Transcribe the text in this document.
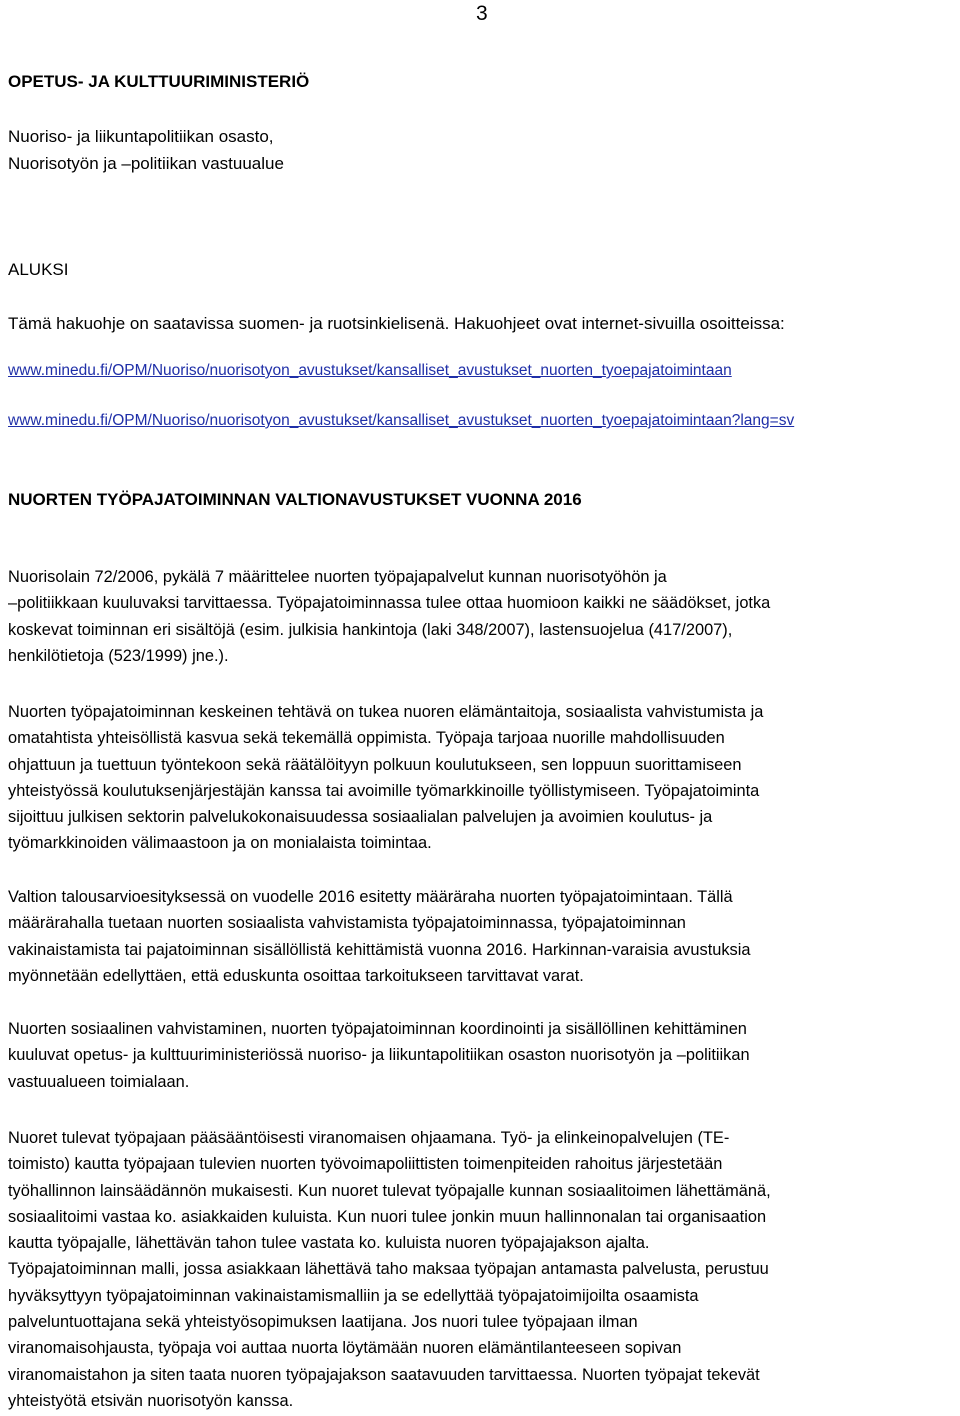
3
OPETUS- JA KULTTUURIMINISTERIÖ
Nuoriso- ja liikuntapolitiikan osasto,
Nuorisotyön ja –politiikan vastuualue
ALUKSI
Tämä hakuohje on saatavissa suomen- ja ruotsinkielisenä. Hakuohjeet ovat internet-sivuilla osoitteissa:
www.minedu.fi/OPM/Nuoriso/nuorisotyon_avustukset/kansalliset_avustukset_nuorten_tyoepajatoimintaan
www.minedu.fi/OPM/Nuoriso/nuorisotyon_avustukset/kansalliset_avustukset_nuorten_tyoepajatoimintaan?lang=sv
NUORTEN TYÖPAJATOIMINNAN VALTIONAVUSTUKSET VUONNA 2016
Nuorisolain 72/2006, pykälä 7 määrittelee nuorten työpajapalvelut kunnan nuorisotyöhön ja
–politiikkaan kuuluvaksi tarvittaessa. Työpajatoiminnassa tulee ottaa huomioon kaikki ne säädökset, jotka
koskevat toiminnan eri sisältöjä (esim. julkisia hankintoja (laki 348/2007), lastensuojelua (417/2007),
henkilötietoja (523/1999) jne.).
Nuorten työpajatoiminnan keskeinen tehtävä on tukea nuoren elämäntaitoja, sosiaalista vahvistumista ja
omatahtista yhteisöllistä kasvua sekä tekemällä oppimista. Työpaja tarjoaa nuorille mahdollisuuden
ohjattuun ja tuettuun työntekoon sekä räätälöityyn polkuun koulutukseen, sen loppuun suorittamiseen
yhteistyössä koulutuksenjärjestäjän kanssa tai avoimille työmarkkinoille työllistymiseen. Työpajatoiminta
sijoittuu julkisen sektorin palvelukokonaisuudessa sosiaalialan palvelujen ja avoimien koulutus- ja
työmarkkinoiden välimaastoon ja on monialaista toimintaa.
Valtion talousarvioesityksessä on vuodelle 2016 esitetty määräraha nuorten työpajatoimintaan. Tällä
määrärahalla tuetaan nuorten sosiaalista vahvistamista työpajatoiminnassa, työpajatoiminnan
vakinaistamista tai pajatoiminnan sisällöllistä kehittämistä vuonna 2016. Harkinnan-varaisia avustuksia
myönnetään edellyttäen, että eduskunta osoittaa tarkoitukseen tarvittavat varat.
Nuorten sosiaalinen vahvistaminen, nuorten työpajatoiminnan koordinointi ja sisällöllinen kehittäminen
kuuluvat opetus- ja kulttuuriministeriössä nuoriso- ja liikuntapolitiikan osaston nuorisotyön ja –politiikan
vastuualueen toimialaan.
Nuoret tulevat työpajaan pääsääntöisesti viranomaisen ohjaamana. Työ- ja elinkeinopalvelujen (TE-
toimisto) kautta työpajaan tulevien nuorten työvoimapoliittisten toimenpiteiden rahoitus järjestetään
työhallinnon lainsäädännön mukaisesti. Kun nuoret tulevat työpajalle kunnan sosiaalitoimen lähettämänä,
sosiaalitoimi vastaa ko. asiakkaiden kuluista. Kun nuori tulee jonkin muun hallinnonalan tai organisaation
kautta työpajalle, lähettävän tahon tulee vastata ko. kuluista nuoren työpajajakson ajalta.
Työpajatoiminnan malli, jossa asiakkaan lähettävä taho maksaa työpajan antamasta palvelusta, perustuu
hyväksyttyyn työpajatoiminnan vakinaistamismalliin ja se edellyttää työpajatoimijoilta osaamista
palveluntuottajana sekä yhteistyösopimuksen laatijana. Jos nuori tulee työpajaan ilman
viranomaisohjausta, työpaja voi auttaa nuorta löytämään nuoren elämäntilanteeseen sopivan
viranomaistahon ja siten taata nuoren työpajajakson saatavuuden tarvittaessa. Nuorten työpajat tekevät
yhteistyötä etsivän nuorisotyön kanssa.
